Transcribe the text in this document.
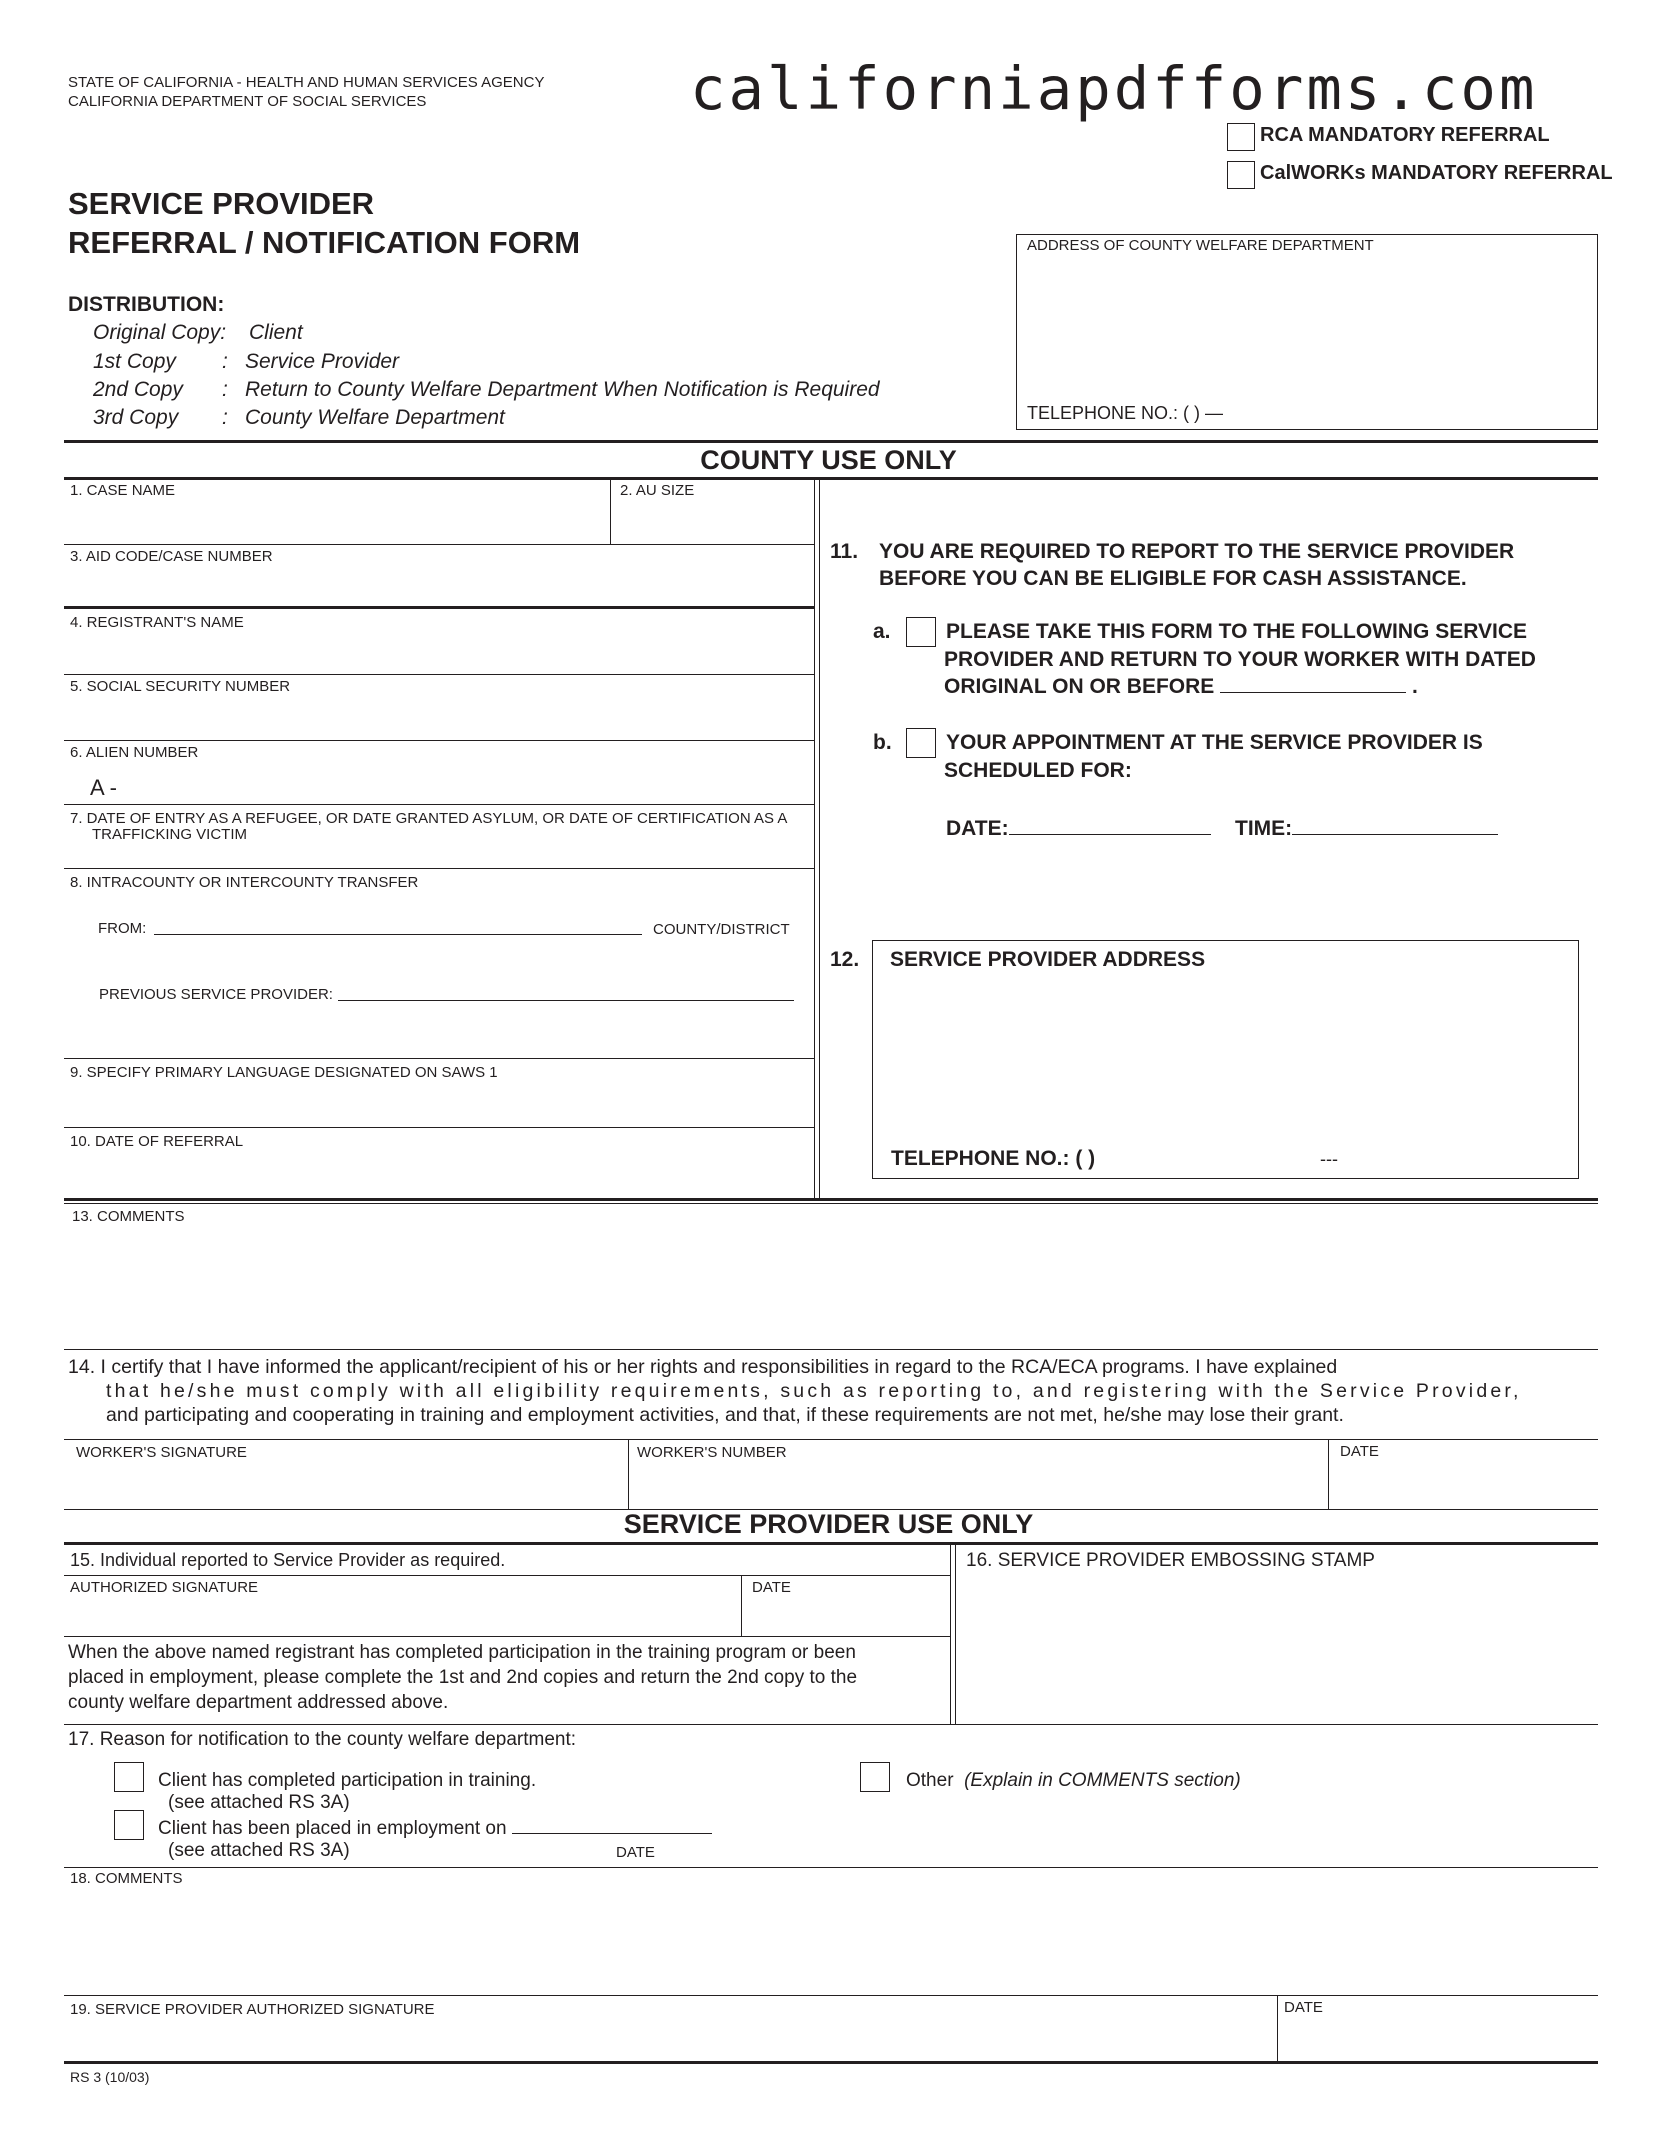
STATE OF CALIFORNIA - HEALTH AND HUMAN SERVICES AGENCY
CALIFORNIA DEPARTMENT OF SOCIAL SERVICES	californiapdfforms.com
RCA MANDATORY REFERRAL
CalWORKs MANDATORY REFERRAL
SERVICE PROVIDER
REFERRAL / NOTIFICATION FORM
DISTRIBUTION:
Original Copy: Client
1st Copy : Service Provider
2nd Copy : Return to County Welfare Department When Notification is Required
3rd Copy : County Welfare Department
ADDRESS OF COUNTY WELFARE DEPARTMENT
TELEPHONE NO.: ( ) —
COUNTY USE ONLY
1. CASE NAME	2. AU SIZE
3. AID CODE/CASE NUMBER
4. REGISTRANT'S NAME
5. SOCIAL SECURITY NUMBER
6. ALIEN NUMBER
A -
7. DATE OF ENTRY AS A REFUGEE, OR DATE GRANTED ASYLUM, OR DATE OF CERTIFICATION AS A
TRAFFICKING VICTIM
8. INTRACOUNTY OR INTERCOUNTY TRANSFER
FROM:	COUNTY/DISTRICT
PREVIOUS SERVICE PROVIDER:
9. SPECIFY PRIMARY LANGUAGE DESIGNATED ON SAWS 1
10. DATE OF REFERRAL
11. YOU ARE REQUIRED TO REPORT TO THE SERVICE PROVIDER
BEFORE YOU CAN BE ELIGIBLE FOR CASH ASSISTANCE.
a.	PLEASE TAKE THIS FORM TO THE FOLLOWING SERVICE
PROVIDER AND RETURN TO YOUR WORKER WITH DATED
ORIGINAL ON OR BEFORE	.
b.	YOUR APPOINTMENT AT THE SERVICE PROVIDER IS
SCHEDULED FOR:
DATE:	TIME:
12. SERVICE PROVIDER ADDRESS
TELEPHONE NO.: ( )	---
13. COMMENTS
14. I certify that I have informed the applicant/recipient of his or her rights and responsibilities in regard to the RCA/ECA programs. I have explained
that he/she must comply with all eligibility requirements, such as reporting to, and registering with the Service Provider,
and participating and cooperating in training and employment activities, and that, if these requirements are not met, he/she may lose their grant.
WORKER'S SIGNATURE	WORKER'S NUMBER	DATE
SERVICE PROVIDER USE ONLY
15. Individual reported to Service Provider as required.
AUTHORIZED SIGNATURE	DATE
When the above named registrant has completed participation in the training program or been
placed in employment, please complete the 1st and 2nd copies and return the 2nd copy to the
county welfare department addressed above.
16. SERVICE PROVIDER EMBOSSING STAMP
17. Reason for notification to the county welfare department:
Client has completed participation in training.
(see attached RS 3A)
Client has been placed in employment on
(see attached RS 3A)	DATE
Other (Explain in COMMENTS section)
18. COMMENTS
19. SERVICE PROVIDER AUTHORIZED SIGNATURE	DATE
RS 3 (10/03)
